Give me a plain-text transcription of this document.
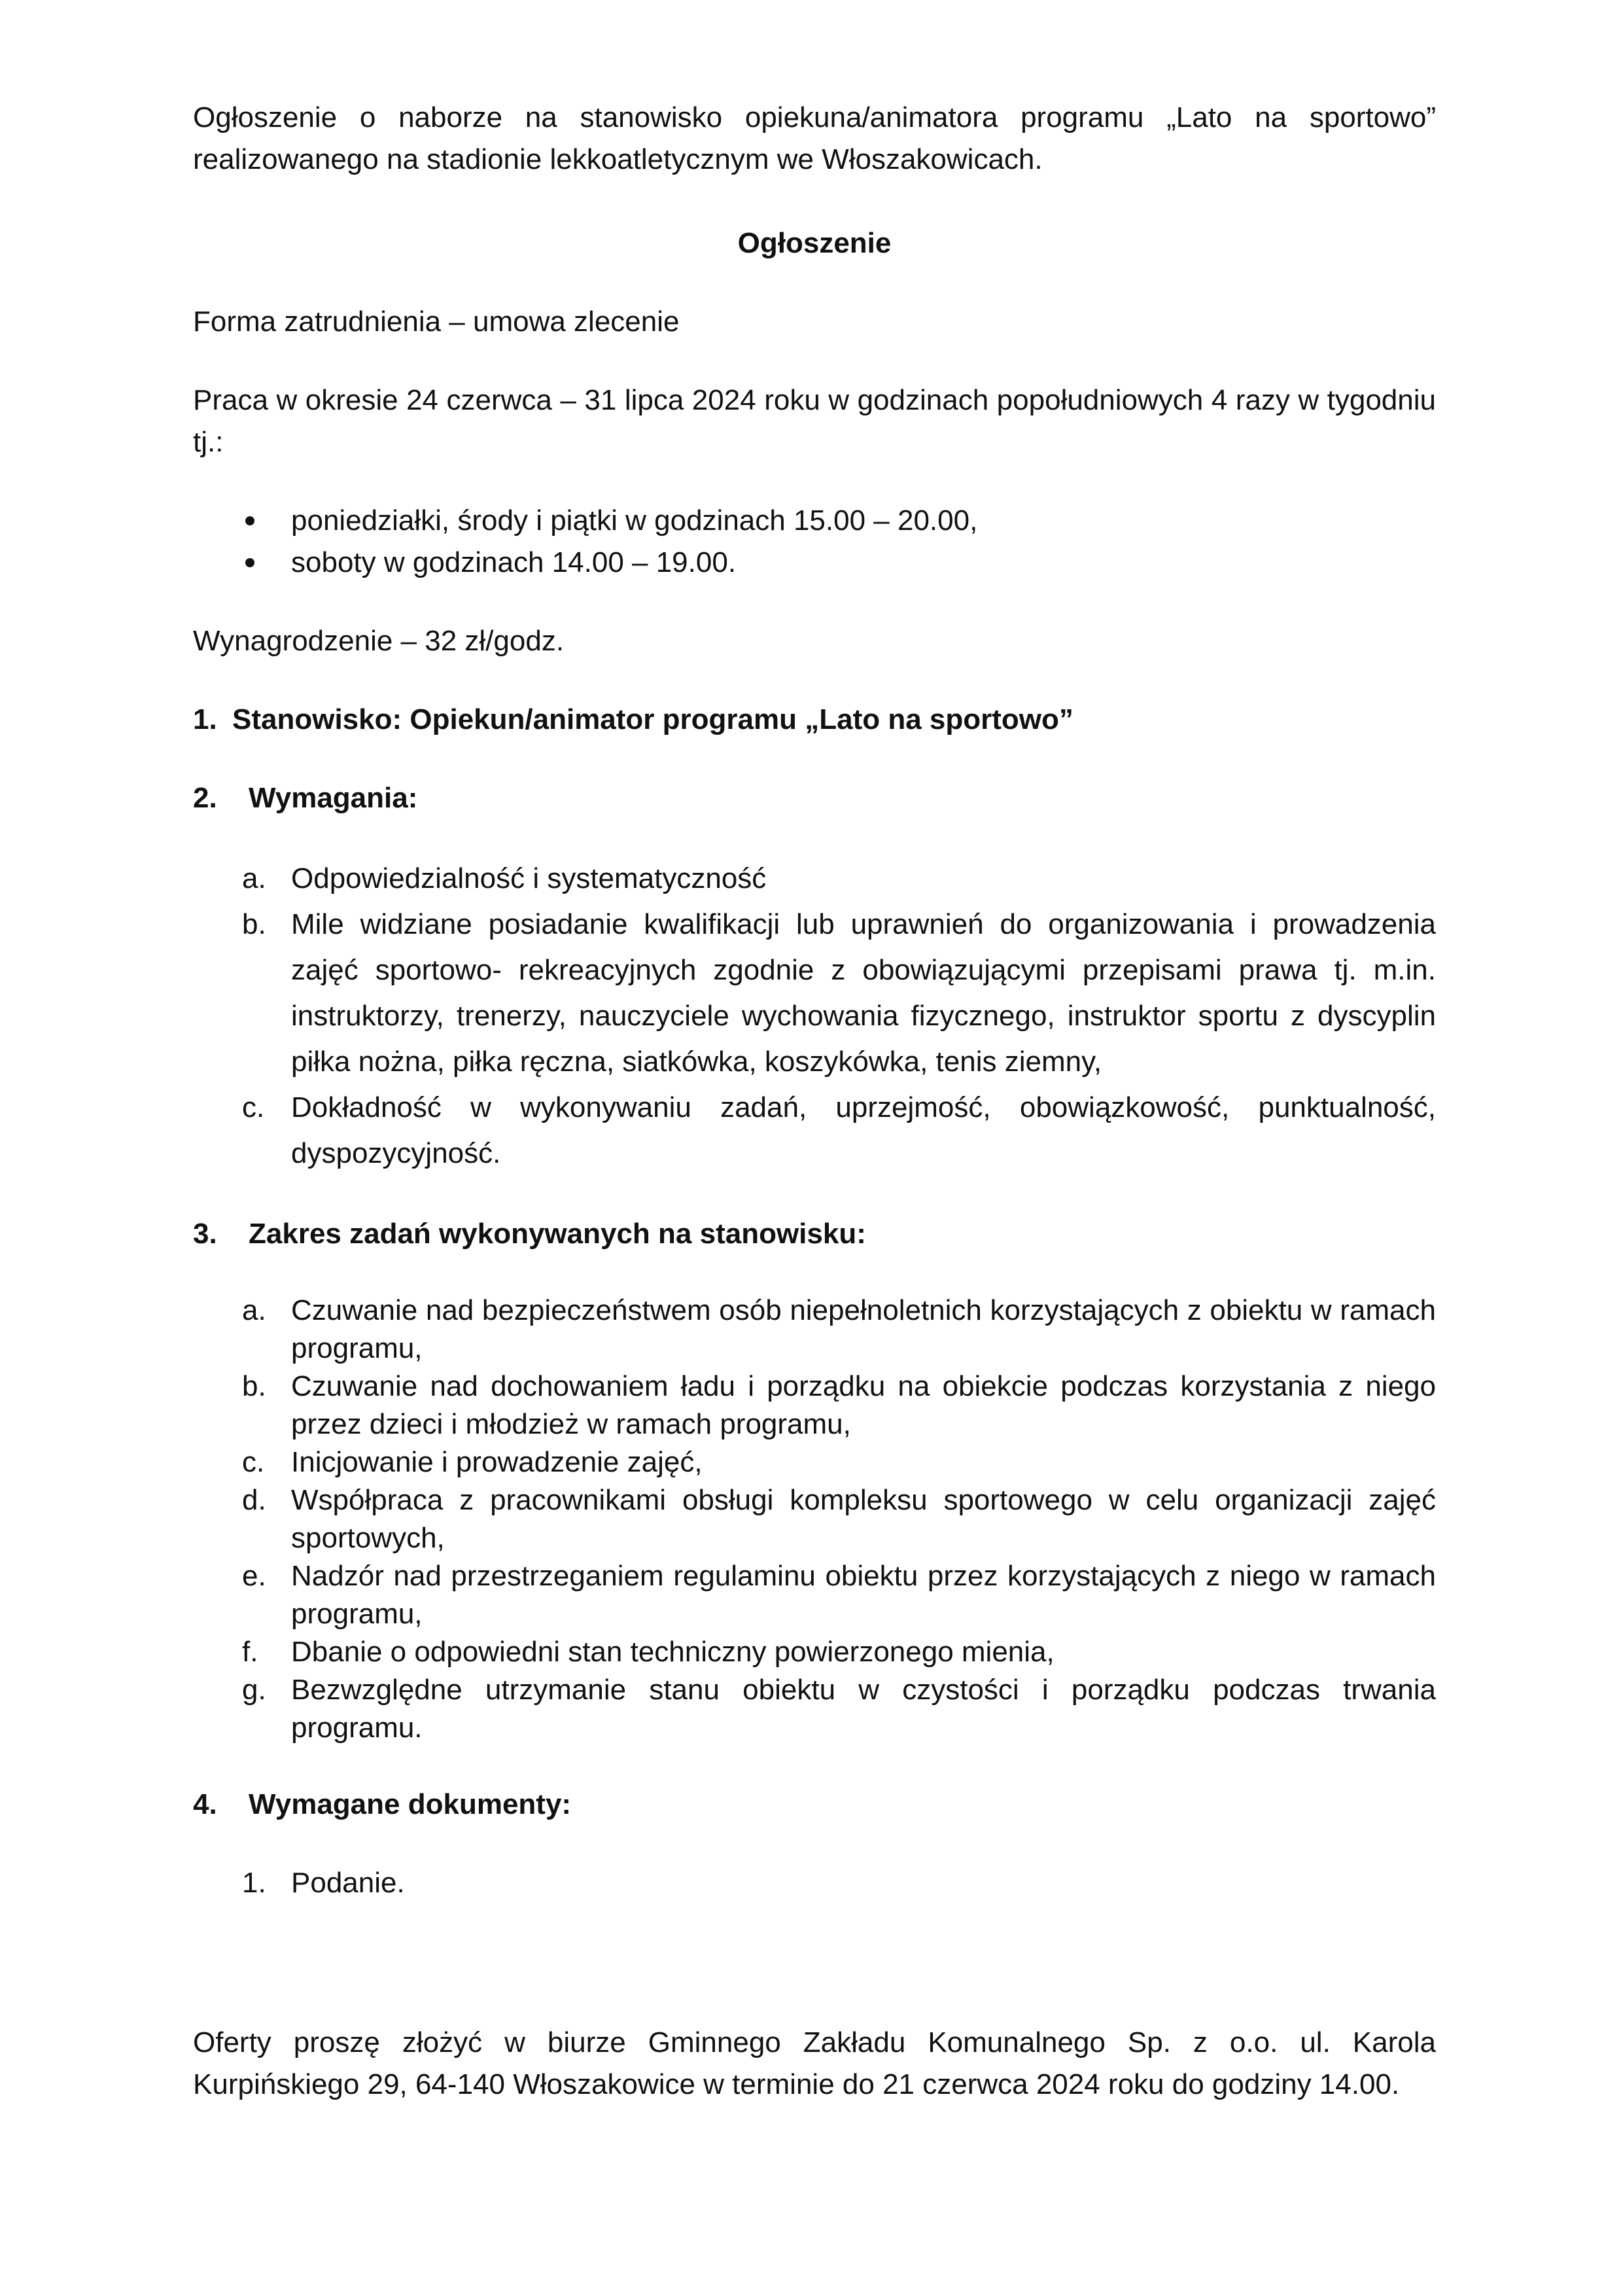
Ogłoszenie o naborze na stanowisko opiekuna/animatora programu „Lato na sportowo” realizowanego na stadionie lekkoatletycznym we Włoszakowicach.

Ogłoszenie

Forma zatrudnienia – umowa zlecenie

Praca w okresie 24 czerwca – 31 lipca 2024 roku w godzinach popołudniowych 4 razy w tygodniu tj.:

poniedziałki, środy i piątki w godzinach 15.00 – 20.00,
soboty w godzinach 14.00 – 19.00.

Wynagrodzenie – 32 zł/godz.

1. Stanowisko: Opiekun/animator programu „Lato na sportowo”
2.	Wymagania:
a. Odpowiedzialność i systematyczność
b. Mile widziane posiadanie kwalifikacji lub uprawnień do organizowania i prowadzenia zajęć sportowo- rekreacyjnych zgodnie z obowiązującymi przepisami prawa tj. m.in. instruktorzy, trenerzy, nauczyciele wychowania fizycznego, instruktor sportu z dyscyplin piłka nożna, piłka ręczna, siatkówka, koszykówka, tenis ziemny,
c. Dokładność w wykonywaniu zadań, uprzejmość, obowiązkowość, punktualność, dyspozycyjność.
3.	Zakres zadań wykonywanych na stanowisku:
a. Czuwanie nad bezpieczeństwem osób niepełnoletnich korzystających z obiektu w ramach programu,
b. Czuwanie nad dochowaniem ładu i porządku na obiekcie podczas korzystania z niego przez dzieci i młodzież w ramach programu,
c. Inicjowanie i prowadzenie zajęć,
d. Współpraca z pracownikami obsługi kompleksu sportowego w celu organizacji zajęć sportowych,
e. Nadzór nad przestrzeganiem regulaminu obiektu przez korzystających z niego w ramach programu,
f. Dbanie o odpowiedni stan techniczny powierzonego mienia,
g. Bezwzględne utrzymanie stanu obiektu w czystości i porządku podczas trwania programu.
4.	Wymagane dokumenty:
1. Podanie.

Oferty proszę złożyć w biurze Gminnego Zakładu Komunalnego Sp. z o.o. ul. Karola Kurpińskiego 29, 64-140 Włoszakowice w terminie do 21 czerwca 2024 roku do godziny 14.00.
